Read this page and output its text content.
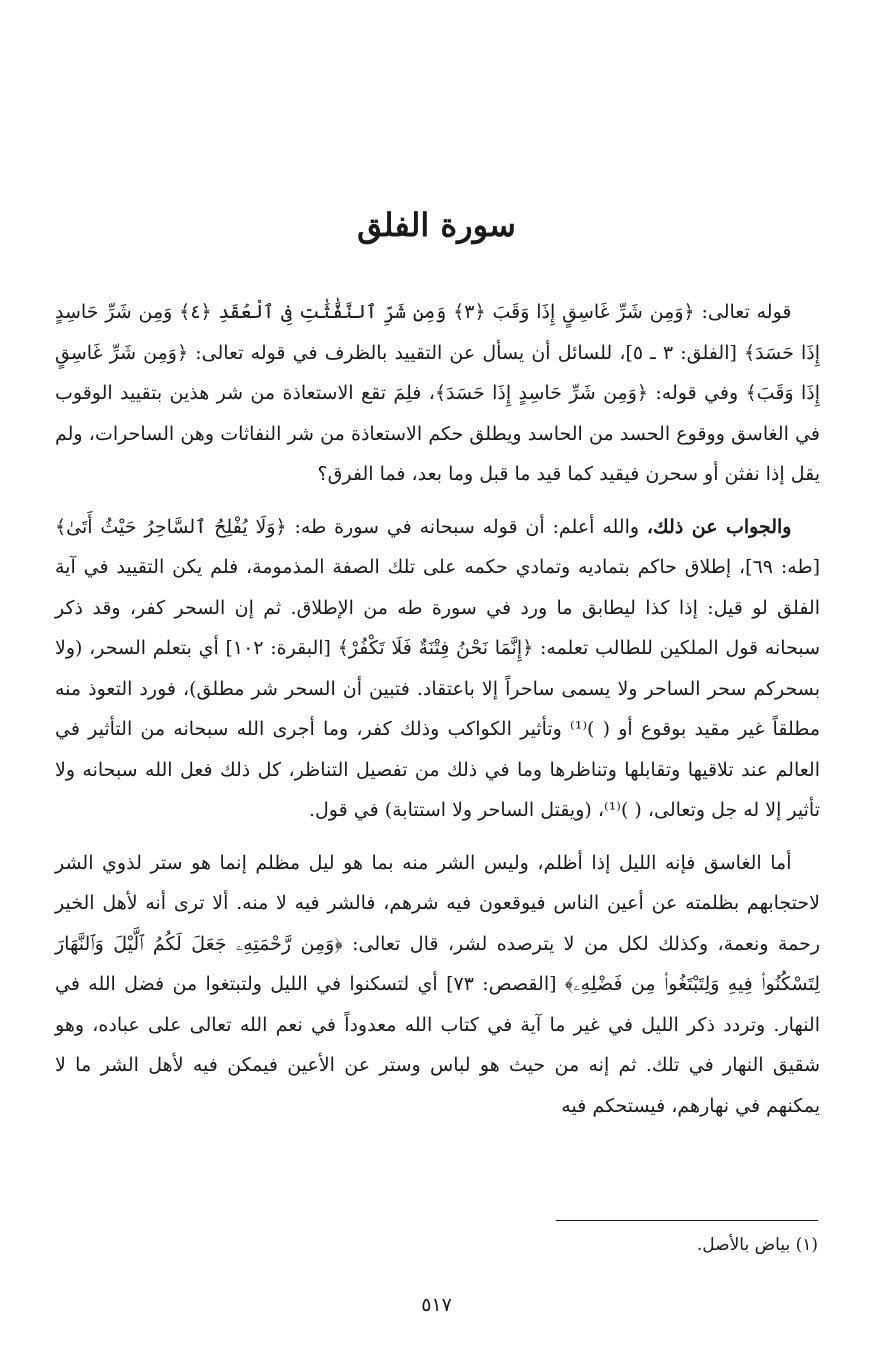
سورة الفلق

قوله تعالى: ﴿وَمِن شَرِّ غَاسِقٍ إِذَا وَقَبَ ﴿٣﴾ وَمِن شَرِّ ٱلنَّفَّٰثَٰتِ فِى ٱلْعُقَدِ ﴿٤﴾ وَمِن شَرِّ حَاسِدٍ إِذَا حَسَدَ﴾ [الفلق: ٣ ـ ٥]، للسائل أن يسأل عن التقييد بالظرف في قوله تعالى: ﴿وَمِن شَرِّ غَاسِقٍ إِذَا وَقَبَ﴾ وفي قوله: ﴿وَمِن شَرِّ حَاسِدٍ إِذَا حَسَدَ﴾، فلِمَ تقع الاستعاذة من شر هذين بتقييد الوقوب في الغاسق ووقوع الحسد من الحاسد ويطلق حكم الاستعاذة من شر النفاثات وهن الساحرات، ولم يقل إذا نفثن أو سحرن فيقيد كما قيد ما قبل وما بعد، فما الفرق؟

والجواب عن ذلك، والله أعلم: أن قوله سبحانه في سورة طه: ﴿وَلَا يُفْلِحُ ٱلسَّاحِرُ حَيْثُ أَتَىٰ﴾ [طه: ٦٩]، إطلاق حاكم بتماديه وتمادي حكمه على تلك الصفة المذمومة، فلم يكن التقييد في آية الفلق لو قيل: إذا كذا ليطابق ما ورد في سورة طه من الإطلاق. ثم إن السحر كفر، وقد ذكر سبحانه قول الملكين للطالب تعلمه: ﴿إِنَّمَا نَحْنُ فِتْنَةٌ فَلَا تَكْفُرْ﴾ [البقرة: ١٠٢] أي بتعلم السحر، (ولا بسحركم سحر الساحر ولا يسمى ساحراً إلا باعتقاد. فتبين أن السحر شر مطلق)، فورد التعوذ منه مطلقاً غير مقيد بوقوع أو ( )⁽¹⁾ وتأثير الكواكب وذلك كفر، وما أجرى الله سبحانه من التأثير في العالم عند تلاقيها وتقابلها وتناظرها وما في ذلك من تفصيل التناظر، كل ذلك فعل الله سبحانه ولا تأثير إلا له جل وتعالى، ( )⁽¹⁾، (ويقتل الساحر ولا استتابة) في قول.

أما الغاسق فإنه الليل إذا أظلم، وليس الشر منه بما هو ليل مظلم إنما هو ستر لذوي الشر لاحتجابهم بظلمته عن أعين الناس فيوقعون فيه شرهم، فالشر فيه لا منه. ألا ترى أنه لأهل الخير رحمة ونعمة، وكذلك لكل من لا يترصده لشر، قال تعالى: ﴿وَمِن رَّحْمَتِهِۦ جَعَلَ لَكُمُ ٱلَّيْلَ وَٱلنَّهَارَ لِتَسْكُنُوا۟ فِيهِ وَلِتَبْتَغُوا۟ مِن فَضْلِهِۦ﴾ [القصص: ٧٣] أي لتسكنوا في الليل ولتبتغوا من فضل الله في النهار. وتردد ذكر الليل في غير ما آية في كتاب الله معدوداً في نعم الله تعالى على عباده، وهو شقيق النهار في تلك. ثم إنه من حيث هو لباس وستر عن الأعين فيمكن فيه لأهل الشر ما لا يمكنهم في نهارهم، فيستحكم فيه

(١) بياض بالأصل.

٥١٧
